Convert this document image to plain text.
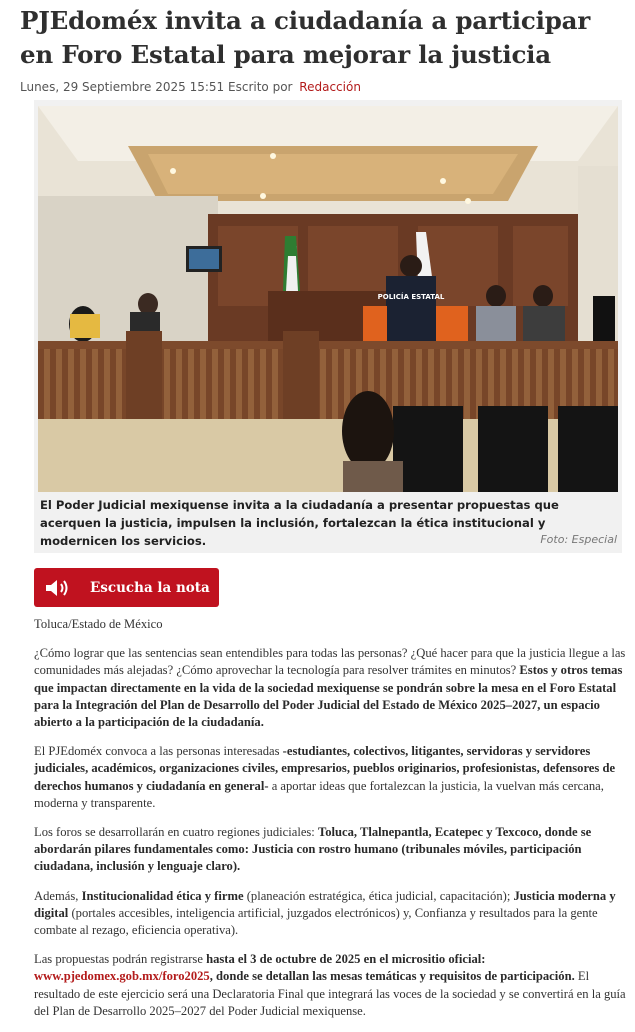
PJEdoméx invita a ciudadanía a participar en Foro Estatal para mejorar la justicia
Lunes, 29 Septiembre 2025 15:51 Escrito por Redacción
POLICÍA ESTATAL
El Poder Judicial mexiquense invita a la ciudadanía a presentar propuestas que acerquen la justicia, impulsen la inclusión, fortalezcan la ética institucional y modernicen los servicios.	Foto: Especial
Escucha la nota

Toluca/Estado de México

¿Cómo lograr que las sentencias sean entendibles para todas las personas? ¿Qué hacer para que la justicia llegue a las comunidades más alejadas? ¿Cómo aprovechar la tecnología para resolver trámites en minutos? Estos y otros temas que impactan directamente en la vida de la sociedad mexiquense se pondrán sobre la mesa en el Foro Estatal para la Integración del Plan de Desarrollo del Poder Judicial del Estado de México 2025–2027, un espacio abierto a la participación de la ciudadanía.

El PJEdoméx convoca a las personas interesadas -estudiantes, colectivos, litigantes, servidoras y servidores judiciales, académicos, organizaciones civiles, empresarios, pueblos originarios, profesionistas, defensores de derechos humanos y ciudadanía en general- a aportar ideas que fortalezcan la justicia, la vuelvan más cercana, moderna y transparente.

Los foros se desarrollarán en cuatro regiones judiciales: Toluca, Tlalnepantla, Ecatepec y Texcoco, donde se abordarán pilares fundamentales como: Justicia con rostro humano (tribunales móviles, participación ciudadana, inclusión y lenguaje claro).

Además, Institucionalidad ética y firme (planeación estratégica, ética judicial, capacitación); Justicia moderna y digital (portales accesibles, inteligencia artificial, juzgados electrónicos) y, Confianza y resultados para la gente combate al rezago, eficiencia operativa).

Las propuestas podrán registrarse hasta el 3 de octubre de 2025 en el micrositio oficial: www.pjedomex.gob.mx/foro2025, donde se detallan las mesas temáticas y requisitos de participación. El resultado de este ejercicio será una Declaratoria Final que integrará las voces de la sociedad y se convertirá en la guía del Plan de Desarrollo 2025–2027 del Poder Judicial mexiquense.
